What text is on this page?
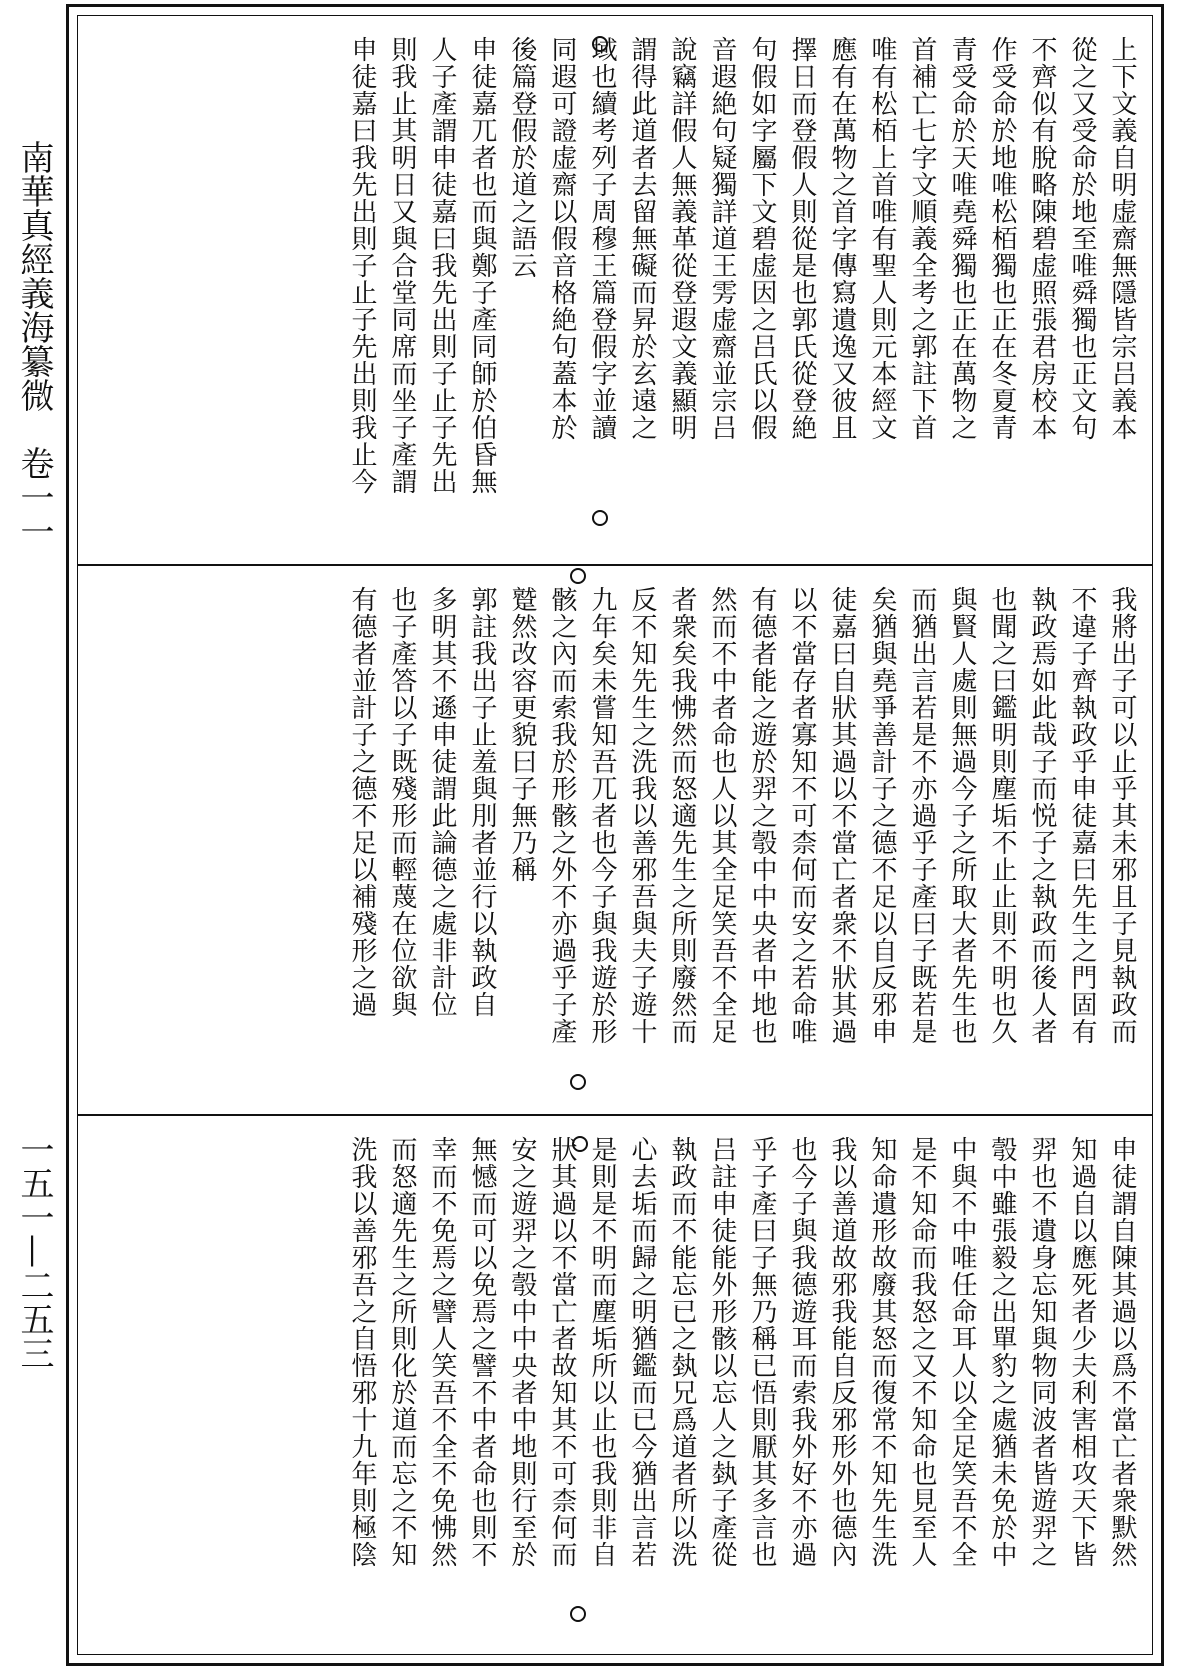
南華真經義海纂微　卷一一
一五一—二五三
上下文義自明虚齋無隱皆宗吕義本
從之又受命於地至唯舜獨也正文句
不齊似有脫略陳碧虚照張君房校本
作受命於地唯松栢獨也正在冬夏青
青受命於天唯堯舜獨也正在萬物之
首補亡七字文順義全考之郭註下首
唯有松栢上首唯有聖人則元本經文
應有在萬物之首字傳寫遺逸又彼且
擇日而登假人則從是也郭氏從登絶
句假如字屬下文碧虚因之吕氏以假
音遐絶句疑獨詳道王雱虚齋並宗吕
說竊詳假人無義革從登遐文義顯明
謂得此道者去留無礙而昇於玄遠之
域也續考列子周穆王篇登假字並讀
同遐可證虚齋以假音格絶句蓋本於
後篇登假於道之語云
申徒嘉兀者也而與鄭子產同師於伯昏無
人子產謂申徒嘉曰我先出則子止子先出
則我止其明日又與合堂同席而坐子產謂
申徒嘉曰我先出則子止子先出則我止今
我將出子可以止乎其未邪且子見執政而
不違子齊執政乎申徒嘉曰先生之門固有
執政焉如此哉子而悦子之執政而後人者
也聞之曰鑑明則塵垢不止止則不明也久
與賢人處則無過今子之所取大者先生也
而猶出言若是不亦過乎子產曰子既若是
矣猶與堯爭善計子之德不足以自反邪申
徒嘉曰自狀其過以不當亡者衆不狀其過
以不當存者寡知不可柰何而安之若命唯
有德者能之遊於羿之彀中中央者中地也
然而不中者命也人以其全足笑吾不全足
者衆矣我怫然而怒適先生之所則廢然而
反不知先生之洗我以善邪吾與夫子遊十
九年矣未嘗知吾兀者也今子與我遊於形
骸之內而索我於形骸之外不亦過乎子產
蹵然改容更貌曰子無乃稱
郭註我出子止羞與刖者並行以執政自
多明其不遜申徒謂此論德之處非計位
也子產答以子既殘形而輕蔑在位欲與
有德者並計子之德不足以補殘形之過
申徒謂自陳其過以爲不當亡者衆默然
知過自以應死者少夫利害相攻天下皆
羿也不遺身忘知與物同波者皆遊羿之
彀中雖張毅之出單豹之處猶未免於中
中與不中唯任命耳人以全足笑吾不全
是不知命而我怒之又不知命也見至人
知命遺形故廢其怒而復常不知先生洗
我以善道故邪我能自反邪形外也德內
也今子與我德遊耳而索我外好不亦過
乎子產曰子無乃稱已悟則厭其多言也
吕註申徒能外形骸以忘人之埶子產從
執政而不能忘已之埶兄爲道者所以洗
心去垢而歸之明猶鑑而已今猶出言若
是則是不明而塵垢所以止也我則非自
狀其過以不當亡者故知其不可柰何而
安之遊羿之彀中中央者中地則行至於
無憾而可以免焉之譬不中者命也則不
幸而不免焉之譬人笑吾不全不免怫然
而怒適先生之所則化於道而忘之不知
洗我以善邪吾之自悟邪十九年則極陰
